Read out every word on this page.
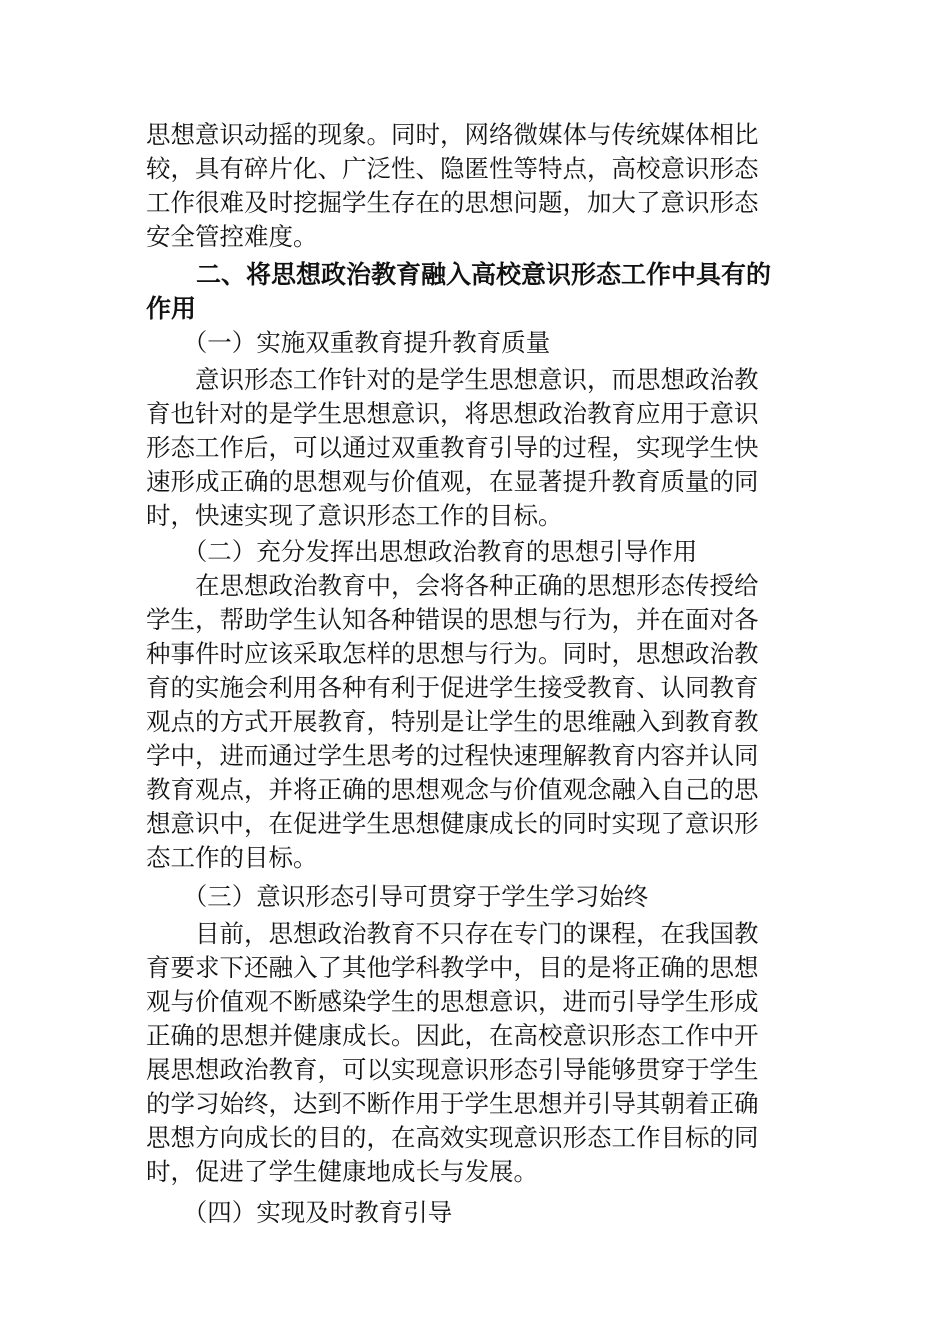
思想意识动摇的现象。同时，网络微媒体与传统媒体相比
较，具有碎片化、广泛性、隐匿性等特点，高校意识形态
工作很难及时挖掘学生存在的思想问题，加大了意识形态
安全管控难度。

　　二、将思想政治教育融入高校意识形态工作中具有的
作用

　　（一）实施双重教育提升教育质量

　　意识形态工作针对的是学生思想意识，而思想政治教
育也针对的是学生思想意识，将思想政治教育应用于意识
形态工作后，可以通过双重教育引导的过程，实现学生快
速形成正确的思想观与价值观，在显著提升教育质量的同
时，快速实现了意识形态工作的目标。

　　（二）充分发挥出思想政治教育的思想引导作用

　　在思想政治教育中，会将各种正确的思想形态传授给
学生，帮助学生认知各种错误的思想与行为，并在面对各
种事件时应该采取怎样的思想与行为。同时，思想政治教
育的实施会利用各种有利于促进学生接受教育、认同教育
观点的方式开展教育，特别是让学生的思维融入到教育教
学中，进而通过学生思考的过程快速理解教育内容并认同
教育观点，并将正确的思想观念与价值观念融入自己的思
想意识中，在促进学生思想健康成长的同时实现了意识形
态工作的目标。

　　（三）意识形态引导可贯穿于学生学习始终

　　目前，思想政治教育不只存在专门的课程，在我国教
育要求下还融入了其他学科教学中，目的是将正确的思想
观与价值观不断感染学生的思想意识，进而引导学生形成
正确的思想并健康成长。因此，在高校意识形态工作中开
展思想政治教育，可以实现意识形态引导能够贯穿于学生
的学习始终，达到不断作用于学生思想并引导其朝着正确
思想方向成长的目的，在高效实现意识形态工作目标的同
时，促进了学生健康地成长与发展。

　　（四）实现及时教育引导
